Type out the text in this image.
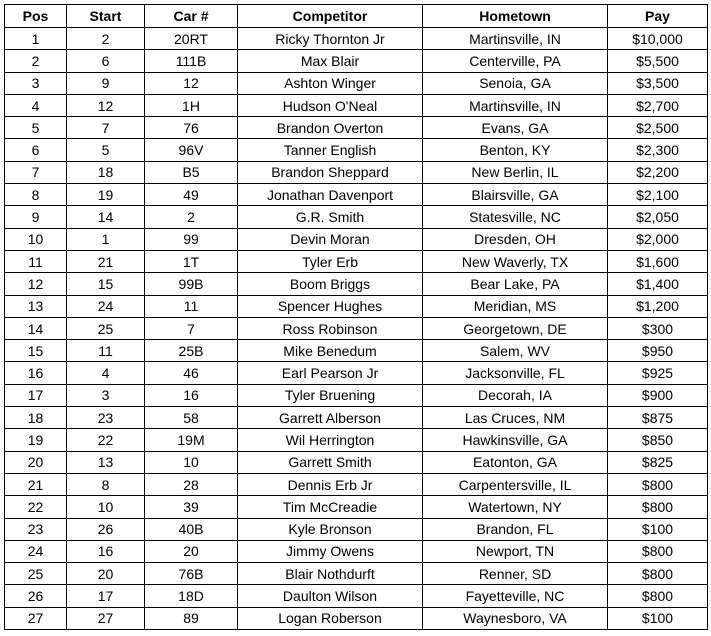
Pos	Start	Car #	Competitor	Hometown	Pay
1	2	20RT	Ricky Thornton Jr	Martinsville, IN	$10,000
2	6	111B	Max Blair	Centerville, PA	$5,500
3	9	12	Ashton Winger	Senoia, GA	$3,500
4	12	1H	Hudson O'Neal	Martinsville, IN	$2,700
5	7	76	Brandon Overton	Evans, GA	$2,500
6	5	96V	Tanner English	Benton, KY	$2,300
7	18	B5	Brandon Sheppard	New Berlin, IL	$2,200
8	19	49	Jonathan Davenport	Blairsville, GA	$2,100
9	14	2	G.R. Smith	Statesville, NC	$2,050
10	1	99	Devin Moran	Dresden, OH	$2,000
11	21	1T	Tyler Erb	New Waverly, TX	$1,600
12	15	99B	Boom Briggs	Bear Lake, PA	$1,400
13	24	11	Spencer Hughes	Meridian, MS	$1,200
14	25	7	Ross Robinson	Georgetown, DE	$300
15	11	25B	Mike Benedum	Salem, WV	$950
16	4	46	Earl Pearson Jr	Jacksonville, FL	$925
17	3	16	Tyler Bruening	Decorah, IA	$900
18	23	58	Garrett Alberson	Las Cruces, NM	$875
19	22	19M	Wil Herrington	Hawkinsville, GA	$850
20	13	10	Garrett Smith	Eatonton, GA	$825
21	8	28	Dennis Erb Jr	Carpentersville, IL	$800
22	10	39	Tim McCreadie	Watertown, NY	$800
23	26	40B	Kyle Bronson	Brandon, FL	$100
24	16	20	Jimmy Owens	Newport, TN	$800
25	20	76B	Blair Nothdurft	Renner, SD	$800
26	17	18D	Daulton Wilson	Fayetteville, NC	$800
27	27	89	Logan Roberson	Waynesboro, VA	$100
